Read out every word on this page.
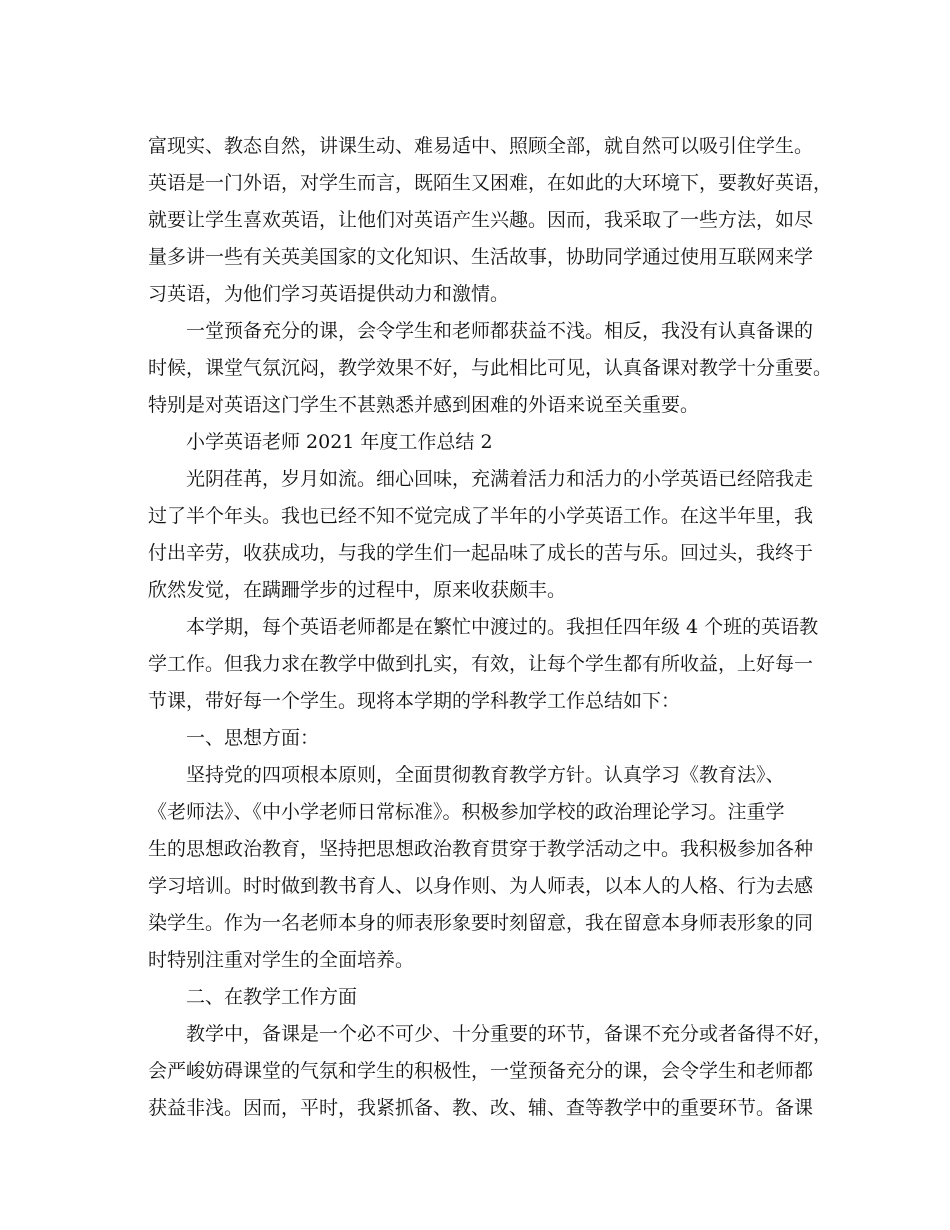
富现实、教态自然，讲课生动、难易适中、照顾全部，就自然可以吸引住学生。
英语是一门外语，对学生而言，既陌生又困难，在如此的大环境下，要教好英语，
就要让学生喜欢英语，让他们对英语产生兴趣。因而，我采取了一些方法，如尽
量多讲一些有关英美国家的文化知识、生活故事，协助同学通过使用互联网来学
习英语，为他们学习英语提供动力和激情。
一堂预备充分的课，会令学生和老师都获益不浅。相反，我没有认真备课的
时候，课堂气氛沉闷，教学效果不好，与此相比可见，认真备课对教学十分重要。
特别是对英语这门学生不甚熟悉并感到困难的外语来说至关重要。
小学英语老师 2021 年度工作总结 2
光阴荏苒，岁月如流。细心回味，充满着活力和活力的小学英语已经陪我走
过了半个年头。我也已经不知不觉完成了半年的小学英语工作。在这半年里，我
付出辛劳，收获成功，与我的学生们一起品味了成长的苦与乐。回过头，我终于
欣然发觉，在蹒跚学步的过程中，原来收获颇丰。
本学期，每个英语老师都是在繁忙中渡过的。我担任四年级 4 个班的英语教
学工作。但我力求在教学中做到扎实，有效，让每个学生都有所收益，上好每一
节课，带好每一个学生。现将本学期的学科教学工作总结如下：
一、思想方面：
坚持党的四项根本原则，全面贯彻教育教学方针。认真学习《教育法》、
《老师法》、《中小学老师日常标准》。积极参加学校的政治理论学习。注重学
生的思想政治教育，坚持把思想政治教育贯穿于教学活动之中。我积极参加各种
学习培训。时时做到教书育人、以身作则、为人师表，以本人的人格、行为去感
染学生。作为一名老师本身的师表形象要时刻留意，我在留意本身师表形象的同
时特别注重对学生的全面培养。
二、在教学工作方面
教学中，备课是一个必不可少、十分重要的环节，备课不充分或者备得不好，
会严峻妨碍课堂的气氛和学生的积极性，一堂预备充分的课，会令学生和老师都
获益非浅。因而，平时，我紧抓备、教、改、辅、查等教学中的重要环节。备课
